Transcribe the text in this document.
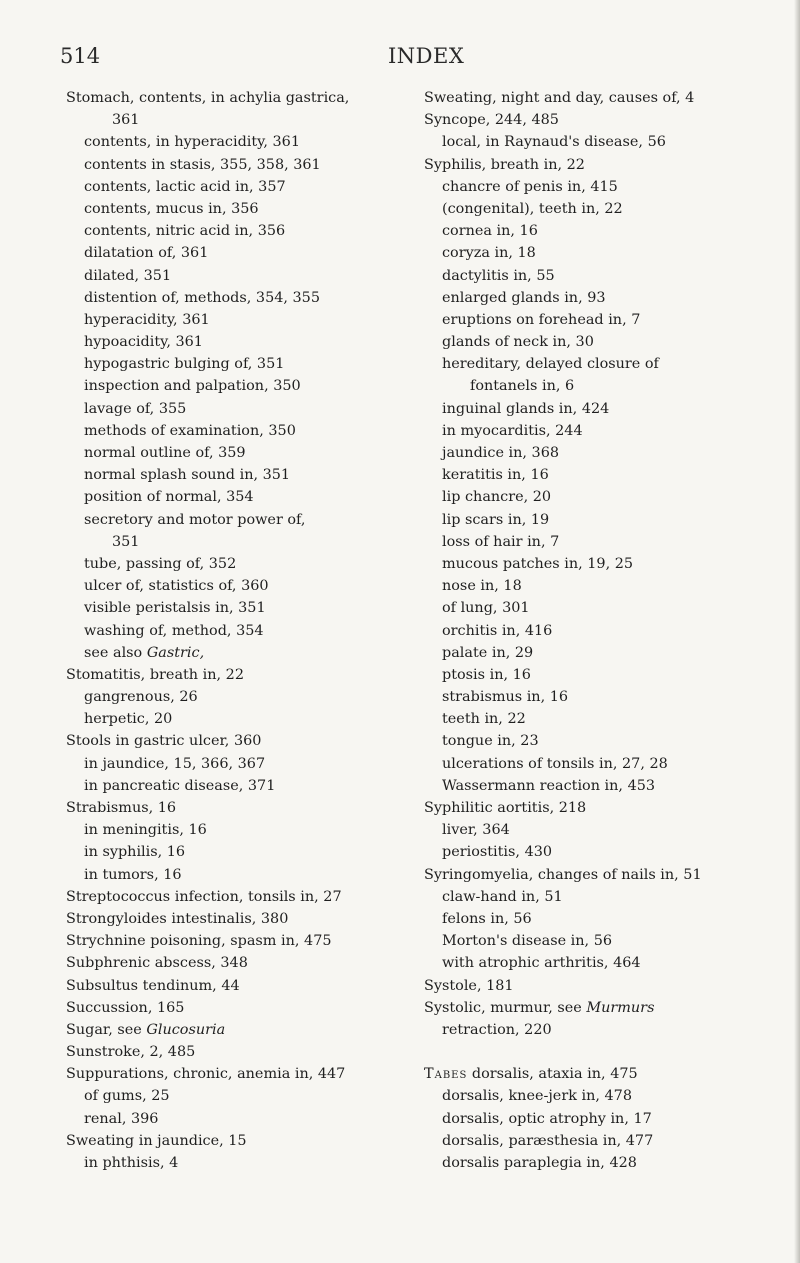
514	INDEX
Stomach, contents, in achylia gastrica,
361
contents, in hyperacidity, 361
contents in stasis, 355, 358, 361
contents, lactic acid in, 357
contents, mucus in, 356
contents, nitric acid in, 356
dilatation of, 361
dilated, 351
distention of, methods, 354, 355
hyperacidity, 361
hypoacidity, 361
hypogastric bulging of, 351
inspection and palpation, 350
lavage of, 355
methods of examination, 350
normal outline of, 359
normal splash sound in, 351
position of normal, 354
secretory and motor power of,
351
tube, passing of, 352
ulcer of, statistics of, 360
visible peristalsis in, 351
washing of, method, 354
see also Gastric,
Stomatitis, breath in, 22
gangrenous, 26
herpetic, 20
Stools in gastric ulcer, 360
in jaundice, 15, 366, 367
in pancreatic disease, 371
Strabismus, 16
in meningitis, 16
in syphilis, 16
in tumors, 16
Streptococcus infection, tonsils in, 27
Strongyloides intestinalis, 380
Strychnine poisoning, spasm in, 475
Subphrenic abscess, 348
Subsultus tendinum, 44
Succussion, 165
Sugar, see Glucosuria
Sunstroke, 2, 485
Suppurations, chronic, anemia in, 447
of gums, 25
renal, 396
Sweating in jaundice, 15
in phthisis, 4
Sweating, night and day, causes of, 4
Syncope, 244, 485
local, in Raynaud's disease, 56
Syphilis, breath in, 22
chancre of penis in, 415
(congenital), teeth in, 22
cornea in, 16
coryza in, 18
dactylitis in, 55
enlarged glands in, 93
eruptions on forehead in, 7
glands of neck in, 30
hereditary, delayed closure of
fontanels in, 6
inguinal glands in, 424
in myocarditis, 244
jaundice in, 368
keratitis in, 16
lip chancre, 20
lip scars in, 19
loss of hair in, 7
mucous patches in, 19, 25
nose in, 18
of lung, 301
orchitis in, 416
palate in, 29
ptosis in, 16
strabismus in, 16
teeth in, 22
tongue in, 23
ulcerations of tonsils in, 27, 28
Wassermann reaction in, 453
Syphilitic aortitis, 218
liver, 364
periostitis, 430
Syringomyelia, changes of nails in, 51
claw-hand in, 51
felons in, 56
Morton's disease in, 56
with atrophic arthritis, 464
Systole, 181
Systolic, murmur, see Murmurs
retraction, 220
Tabes dorsalis, ataxia in, 475
dorsalis, knee-jerk in, 478
dorsalis, optic atrophy in, 17
dorsalis, paræsthesia in, 477
dorsalis paraplegia in, 428
